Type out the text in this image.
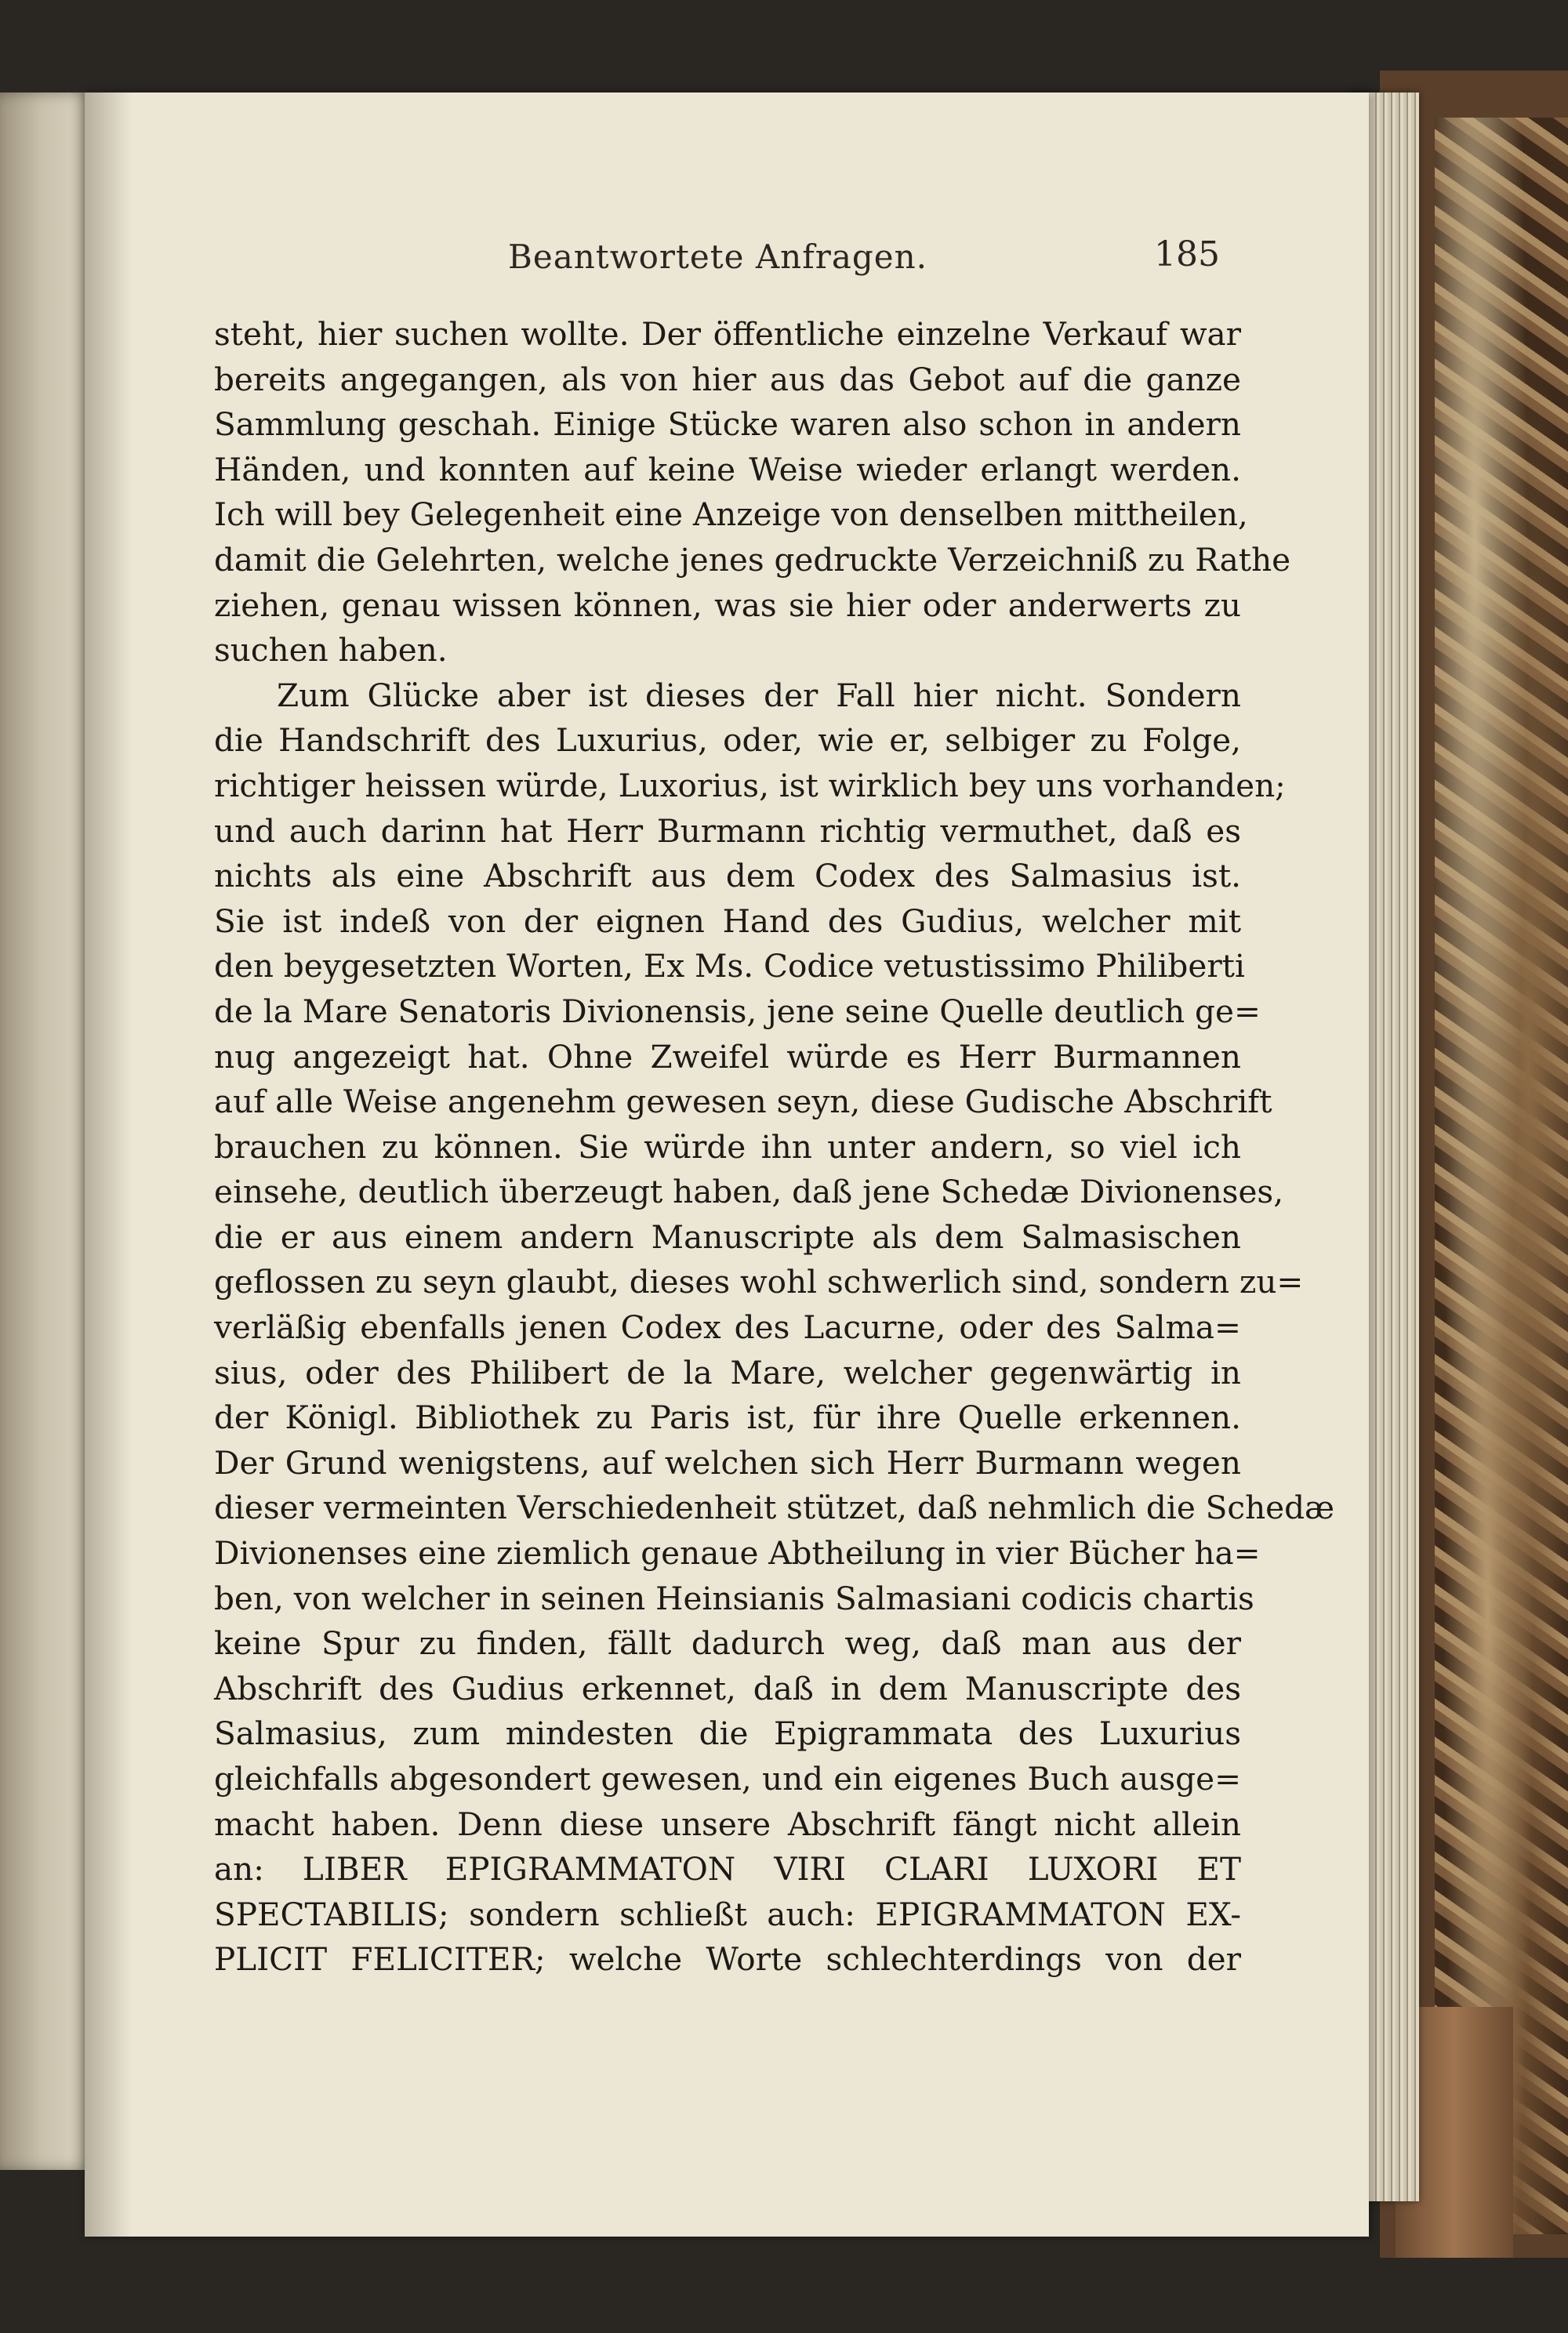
Beantwortete Anfragen.	185
steht, hier suchen wollte. Der öffentliche einzelne Verkauf war
bereits angegangen, als von hier aus das Gebot auf die ganze
Sammlung geschah. Einige Stücke waren also schon in andern
Händen, und konnten auf keine Weise wieder erlangt werden.
Ich will bey Gelegenheit eine Anzeige von denselben mittheilen,
damit die Gelehrten, welche jenes gedruckte Verzeichniß zu Rathe
ziehen, genau wissen können, was sie hier oder anderwerts zu
suchen haben.
Zum Glücke aber ist dieses der Fall hier nicht. Sondern
die Handschrift des Luxurius, oder, wie er, selbiger zu Folge,
richtiger heissen würde, Luxorius, ist wirklich bey uns vorhanden;
und auch darinn hat Herr Burmann richtig vermuthet, daß es
nichts als eine Abschrift aus dem Codex des Salmasius ist.
Sie ist indeß von der eignen Hand des Gudius, welcher mit
den beygesetzten Worten, Ex Ms. Codice vetustissimo Philiberti
de la Mare Senatoris Divionensis, jene seine Quelle deutlich ge=
nug angezeigt hat. Ohne Zweifel würde es Herr Burmannen
auf alle Weise angenehm gewesen seyn, diese Gudische Abschrift
brauchen zu können. Sie würde ihn unter andern, so viel ich
einsehe, deutlich überzeugt haben, daß jene Schedæ Divionenses,
die er aus einem andern Manuscripte als dem Salmasischen
geflossen zu seyn glaubt, dieses wohl schwerlich sind, sondern zu=
verläßig ebenfalls jenen Codex des Lacurne, oder des Salma=
sius, oder des Philibert de la Mare, welcher gegenwärtig in
der Königl. Bibliothek zu Paris ist, für ihre Quelle erkennen.
Der Grund wenigstens, auf welchen sich Herr Burmann wegen
dieser vermeinten Verschiedenheit stützet, daß nehmlich die Schedæ
Divionenses eine ziemlich genaue Abtheilung in vier Bücher ha=
ben, von welcher in seinen Heinsianis Salmasiani codicis chartis
keine Spur zu finden, fällt dadurch weg, daß man aus der
Abschrift des Gudius erkennet, daß in dem Manuscripte des
Salmasius, zum mindesten die Epigrammata des Luxurius
gleichfalls abgesondert gewesen, und ein eigenes Buch ausge=
macht haben. Denn diese unsere Abschrift fängt nicht allein
an: LIBER EPIGRAMMATON VIRI CLARI LUXORI ET
SPECTABILIS; sondern schließt auch: EPIGRAMMATON EX-
PLICIT FELICITER; welche Worte schlechterdings von der
